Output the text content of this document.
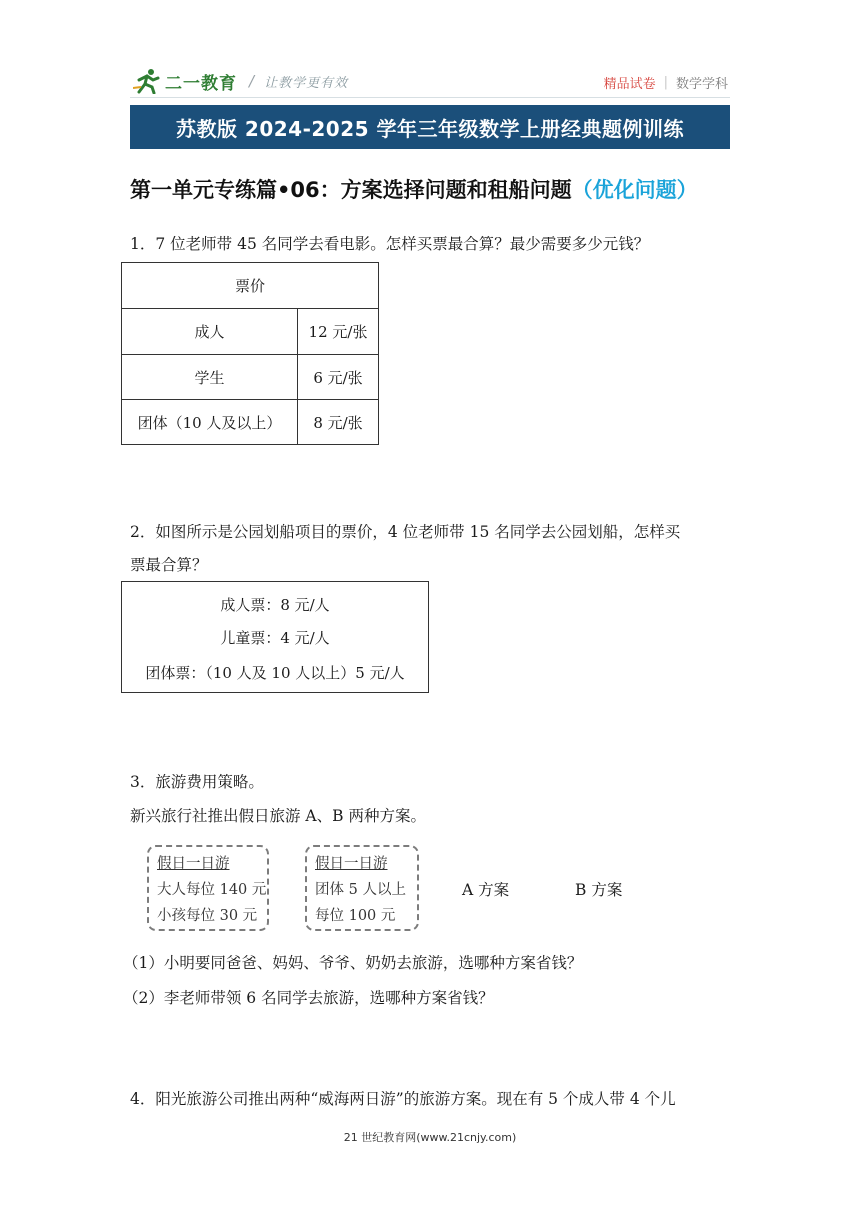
二一教育 / 让教学更有效	精品试卷 | 数学学科
苏教版 2024-2025 学年三年级数学上册经典题例训练
第一单元专练篇•06：方案选择问题和租船问题（优化问题）
1．7 位老师带 45 名同学去看电影。怎样买票最合算？最少需要多少元钱？
票价	
成人	12 元/张
学生	6 元/张
团体（10 人及以上）	8 元/张
2．如图所示是公园划船项目的票价，4 位老师带 15 名同学去公园划船，怎样买
票最合算？
成人票：8 元/人
儿童票：4 元/人
团体票：（10 人及 10 人以上）5 元/人
3．旅游费用策略。
新兴旅行社推出假日旅游 A、B 两种方案。
假日一日游
大人每位 140 元
小孩每位 30 元
假日一日游
团体 5 人以上
每位 100 元
A 方案	B 方案
（1）小明要同爸爸、妈妈、爷爷、奶奶去旅游，选哪种方案省钱？
（2）李老师带领 6 名同学去旅游，选哪种方案省钱？
4．阳光旅游公司推出两种“威海两日游”的旅游方案。现在有 5 个成人带 4 个儿
21 世纪教育网(www.21cnjy.com)
